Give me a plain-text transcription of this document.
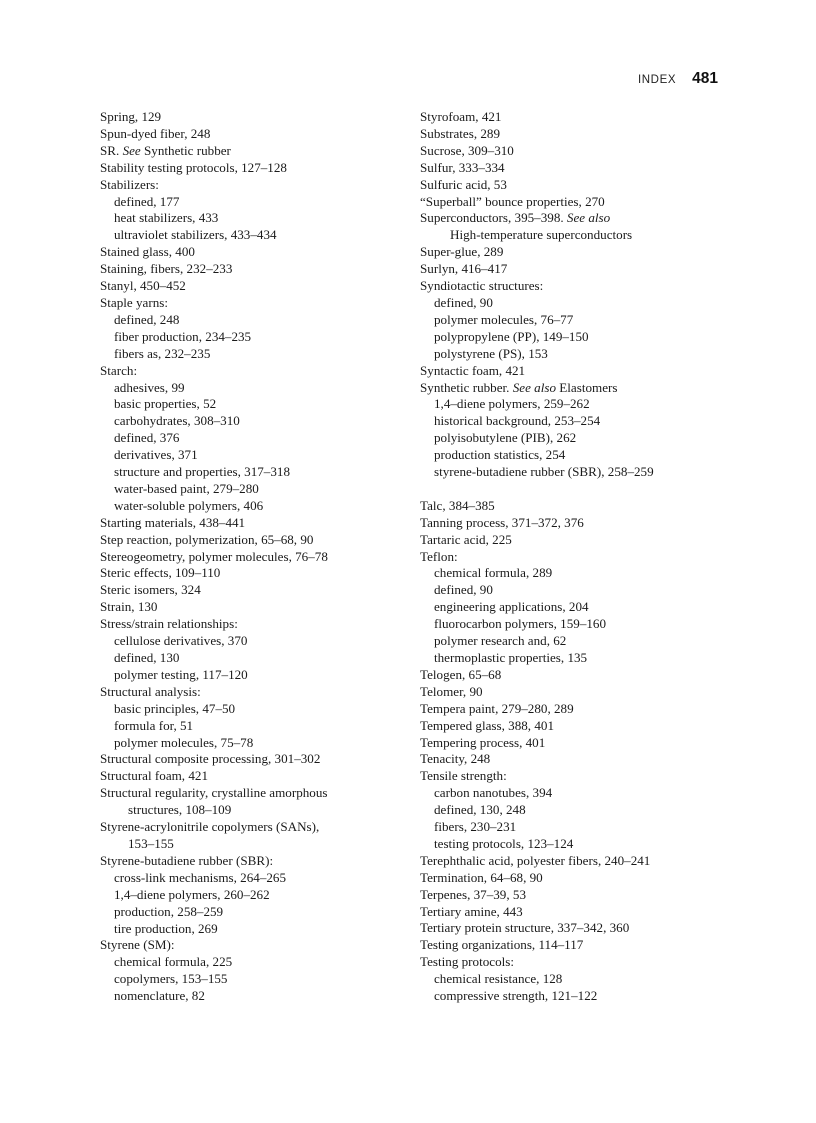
INDEX 481
Spring, 129
Spun-dyed fiber, 248
SR. See Synthetic rubber
Stability testing protocols, 127–128
Stabilizers:
defined, 177
heat stabilizers, 433
ultraviolet stabilizers, 433–434
Stained glass, 400
Staining, fibers, 232–233
Stanyl, 450–452
Staple yarns:
defined, 248
fiber production, 234–235
fibers as, 232–235
Starch:
adhesives, 99
basic properties, 52
carbohydrates, 308–310
defined, 376
derivatives, 371
structure and properties, 317–318
water-based paint, 279–280
water-soluble polymers, 406
Starting materials, 438–441
Step reaction, polymerization, 65–68, 90
Stereogeometry, polymer molecules, 76–78
Steric effects, 109–110
Steric isomers, 324
Strain, 130
Stress/strain relationships:
cellulose derivatives, 370
defined, 130
polymer testing, 117–120
Structural analysis:
basic principles, 47–50
formula for, 51
polymer molecules, 75–78
Structural composite processing, 301–302
Structural foam, 421
Structural regularity, crystalline amorphous
structures, 108–109
Styrene-acrylonitrile copolymers (SANs),
153–155
Styrene-butadiene rubber (SBR):
cross-link mechanisms, 264–265
1,4–diene polymers, 260–262
production, 258–259
tire production, 269
Styrene (SM):
chemical formula, 225
copolymers, 153–155
nomenclature, 82
Styrofoam, 421
Substrates, 289
Sucrose, 309–310
Sulfur, 333–334
Sulfuric acid, 53
“Superball” bounce properties, 270
Superconductors, 395–398. See also
High-temperature superconductors
Super-glue, 289
Surlyn, 416–417
Syndiotactic structures:
defined, 90
polymer molecules, 76–77
polypropylene (PP), 149–150
polystyrene (PS), 153
Syntactic foam, 421
Synthetic rubber. See also Elastomers
1,4–diene polymers, 259–262
historical background, 253–254
polyisobutylene (PIB), 262
production statistics, 254
styrene-butadiene rubber (SBR), 258–259
Talc, 384–385
Tanning process, 371–372, 376
Tartaric acid, 225
Teflon:
chemical formula, 289
defined, 90
engineering applications, 204
fluorocarbon polymers, 159–160
polymer research and, 62
thermoplastic properties, 135
Telogen, 65–68
Telomer, 90
Tempera paint, 279–280, 289
Tempered glass, 388, 401
Tempering process, 401
Tenacity, 248
Tensile strength:
carbon nanotubes, 394
defined, 130, 248
fibers, 230–231
testing protocols, 123–124
Terephthalic acid, polyester fibers, 240–241
Termination, 64–68, 90
Terpenes, 37–39, 53
Tertiary amine, 443
Tertiary protein structure, 337–342, 360
Testing organizations, 114–117
Testing protocols:
chemical resistance, 128
compressive strength, 121–122
